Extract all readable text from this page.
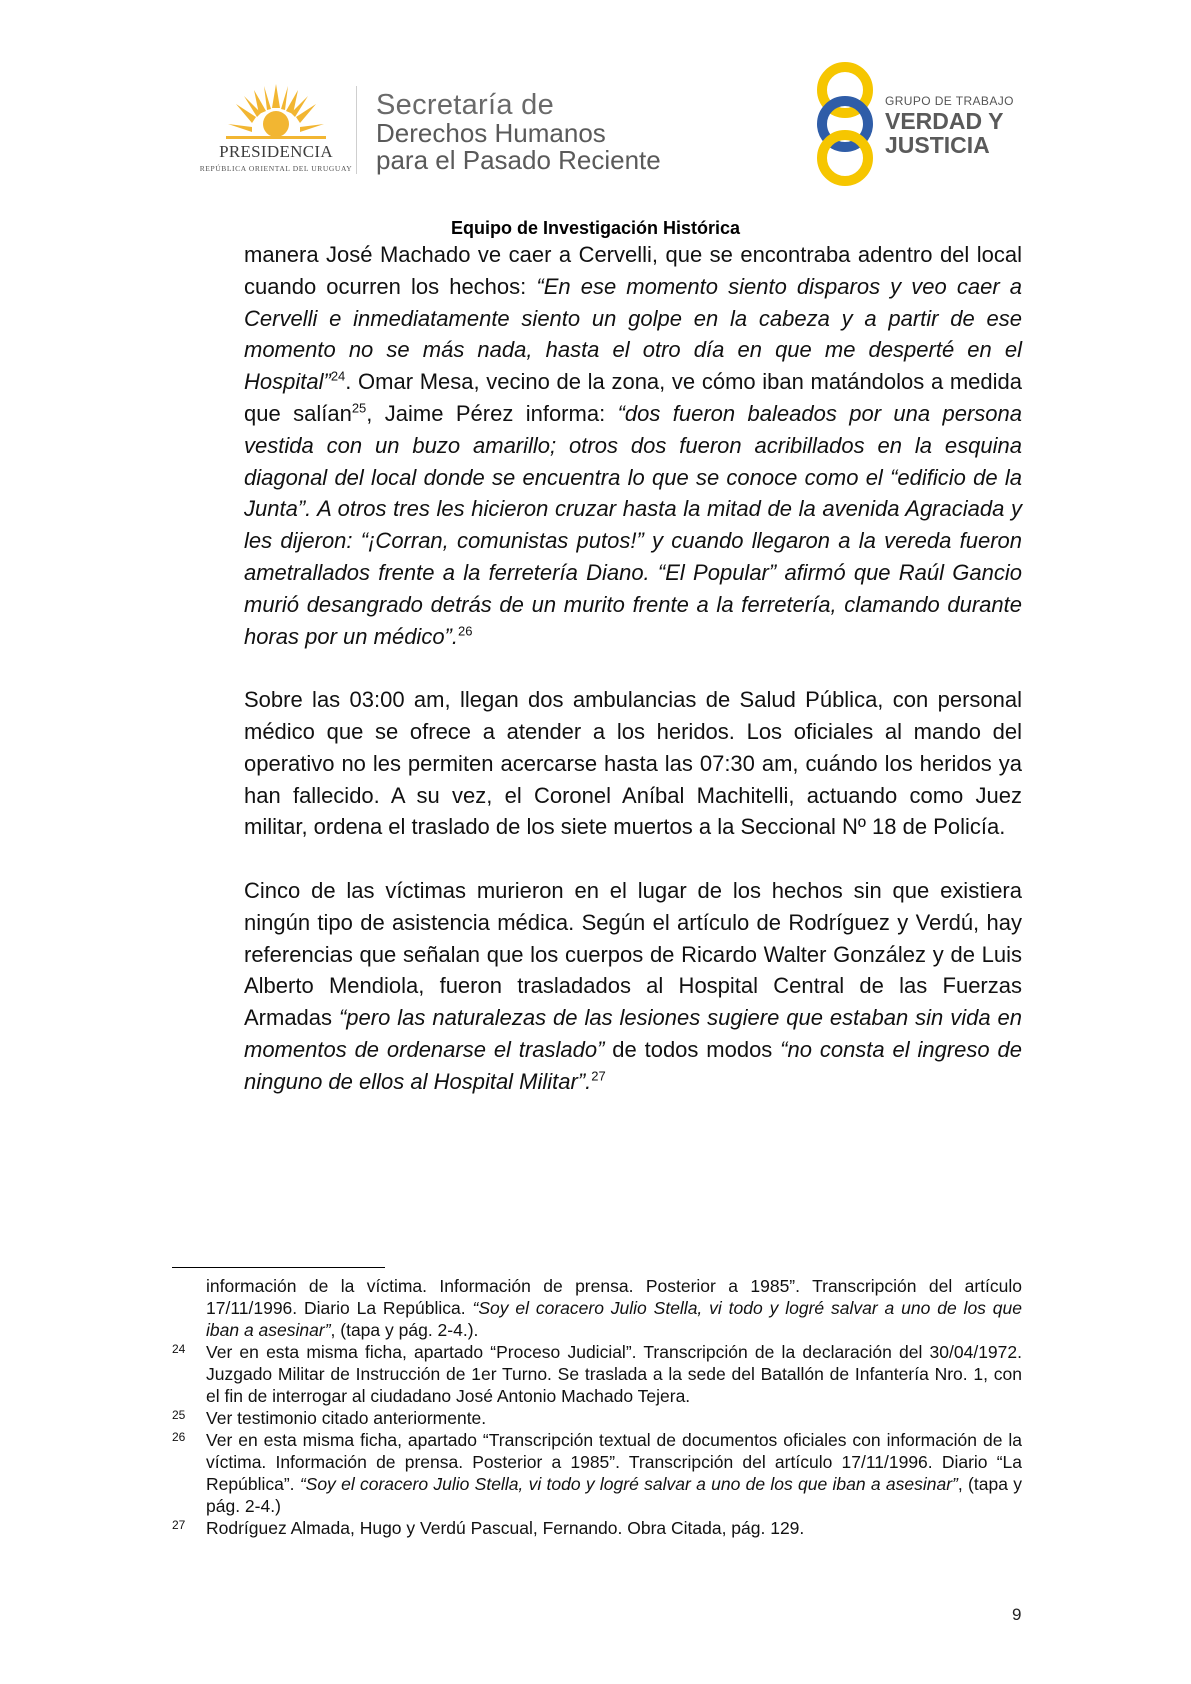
PRESIDENCIA
REPÚBLICA ORIENTAL DEL URUGUAY
Secretaría de
Derechos Humanos
para el Pasado Reciente
GRUPO DE TRABAJO
VERDAD Y
JUSTICIA
Equipo de Investigación Histórica

manera José Machado ve caer a Cervelli, que se encontraba adentro del local cuando ocurren los hechos: “En ese momento siento disparos y veo caer a Cervelli e inmediatamente siento un golpe en la cabeza y a partir de ese momento no se más nada, hasta el otro día en que me desperté en el Hospital”$^{24}$. Omar Mesa, vecino de la zona, ve cómo iban matándolos a medida que salían$^{25}$, Jaime Pérez informa: “dos fueron baleados por una persona vestida con un buzo amarillo; otros dos fueron acribillados en la esquina diagonal del local donde se encuentra lo que se conoce como el “edificio de la Junta”. A otros tres les hicieron cruzar hasta la mitad de la avenida Agraciada y les dijeron: “¡Corran, comunistas putos!” y cuando llegaron a la vereda fueron ametrallados frente a la ferretería Diano. “El Popular” afirmó que Raúl Gancio murió desangrado detrás de un murito frente a la ferretería, clamando durante horas por un médico”.$^{26}$

Sobre las 03:00 am, llegan dos ambulancias de Salud Pública, con personal médico que se ofrece a atender a los heridos. Los oficiales al mando del operativo no les permiten acercarse hasta las 07:30 am, cuándo los heridos ya han fallecido. A su vez, el Coronel Aníbal Machitelli, actuando como Juez militar, ordena el traslado de los siete muertos a la Seccional Nº 18 de Policía.

Cinco de las víctimas murieron en el lugar de los hechos sin que existiera ningún tipo de asistencia médica. Según el artículo de Rodríguez y Verdú, hay referencias que señalan que los cuerpos de Ricardo Walter González y de Luis Alberto Mendiola, fueron trasladados al Hospital Central de las Fuerzas Armadas “pero las naturalezas de las lesiones sugiere que estaban sin vida en momentos de ordenarse el traslado” de todos modos “no consta el ingreso de ninguno de ellos al Hospital Militar”.$^{27}$

información de la víctima. Información de prensa. Posterior a 1985”. Transcripción del artículo 17/11/1996. Diario La República. “Soy el coracero Julio Stella, vi todo y logré salvar a uno de los que iban a asesinar”, (tapa y pág. 2-4.).
24 Ver en esta misma ficha, apartado “Proceso Judicial”. Transcripción de la declaración del 30/04/1972. Juzgado Militar de Instrucción de 1er Turno. Se traslada a la sede del Batallón de Infantería Nro. 1, con el fin de interrogar al ciudadano José Antonio Machado Tejera.
25 Ver testimonio citado anteriormente.
26 Ver en esta misma ficha, apartado “Transcripción textual de documentos oficiales con información de la víctima. Información de prensa. Posterior a 1985”. Transcripción del artículo 17/11/1996. Diario “La República”. “Soy el coracero Julio Stella, vi todo y logré salvar a uno de los que iban a asesinar”, (tapa y pág. 2-4.)
27 Rodríguez Almada, Hugo y Verdú Pascual, Fernando. Obra Citada, pág. 129.
9
